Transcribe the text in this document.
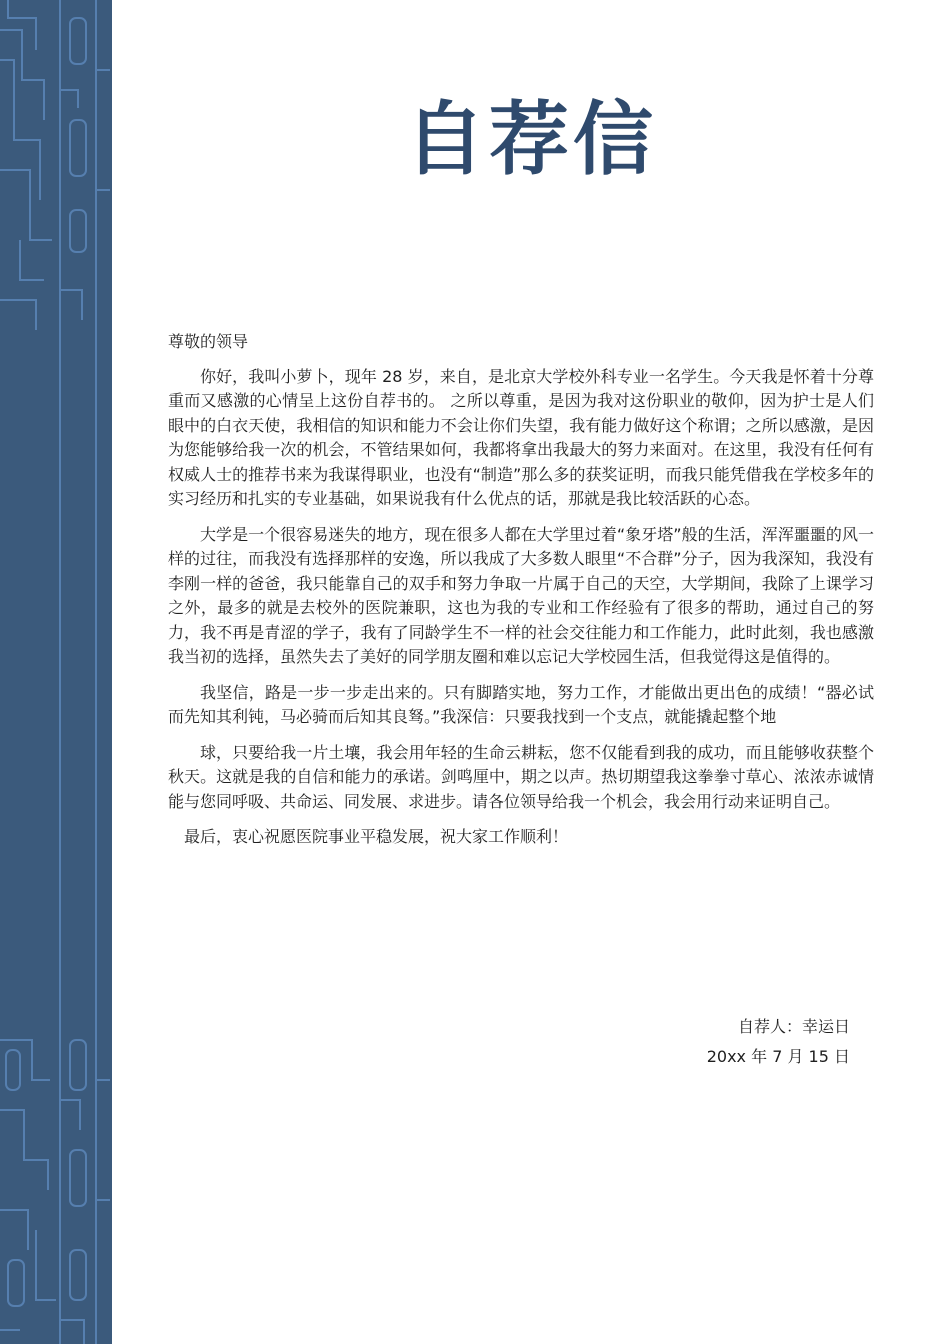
自荐信

尊敬的领导

你好，我叫小萝卜，现年 28 岁，来自，是北京大学校外科专业一名学生。今天我是怀着十分尊重而又感激的心情呈上这份自荐书的。 之所以尊重，是因为我对这份职业的敬仰，因为护士是人们眼中的白衣天使，我相信的知识和能力不会让你们失望，我有能力做好这个称谓；之所以感激，是因为您能够给我一次的机会，不管结果如何，我都将拿出我最大的努力来面对。在这里，我没有任何有权威人士的推荐书来为我谋得职业，也没有“制造”那么多的获奖证明，而我只能凭借我在学校多年的实习经历和扎实的专业基础，如果说我有什么优点的话，那就是我比较活跃的心态。

大学是一个很容易迷失的地方，现在很多人都在大学里过着“象牙塔”般的生活，浑浑噩噩的风一样的过往，而我没有选择那样的安逸，所以我成了大多数人眼里“不合群”分子，因为我深知，我没有李刚一样的爸爸，我只能靠自己的双手和努力争取一片属于自己的天空，大学期间，我除了上课学习之外，最多的就是去校外的医院兼职，这也为我的专业和工作经验有了很多的帮助，通过自己的努力，我不再是青涩的学子，我有了同龄学生不一样的社会交往能力和工作能力，此时此刻，我也感激我当初的选择，虽然失去了美好的同学朋友圈和难以忘记大学校园生活，但我觉得这是值得的。

我坚信，路是一步一步走出来的。只有脚踏实地，努力工作，才能做出更出色的成绩！“器必试而先知其利钝，马必骑而后知其良驽。”我深信：只要我找到一个支点，就能撬起整个地

球，只要给我一片土壤，我会用年轻的生命云耕耘，您不仅能看到我的成功，而且能够收获整个秋天。这就是我的自信和能力的承诺。剑鸣厘中，期之以声。热切期望我这拳拳寸草心、浓浓赤诚情能与您同呼吸、共命运、同发展、求进步。请各位领导给我一个机会，我会用行动来证明自己。

最后，衷心祝愿医院事业平稳发展，祝大家工作顺利！

自荐人：幸运日
20xx 年 7 月 15 日
